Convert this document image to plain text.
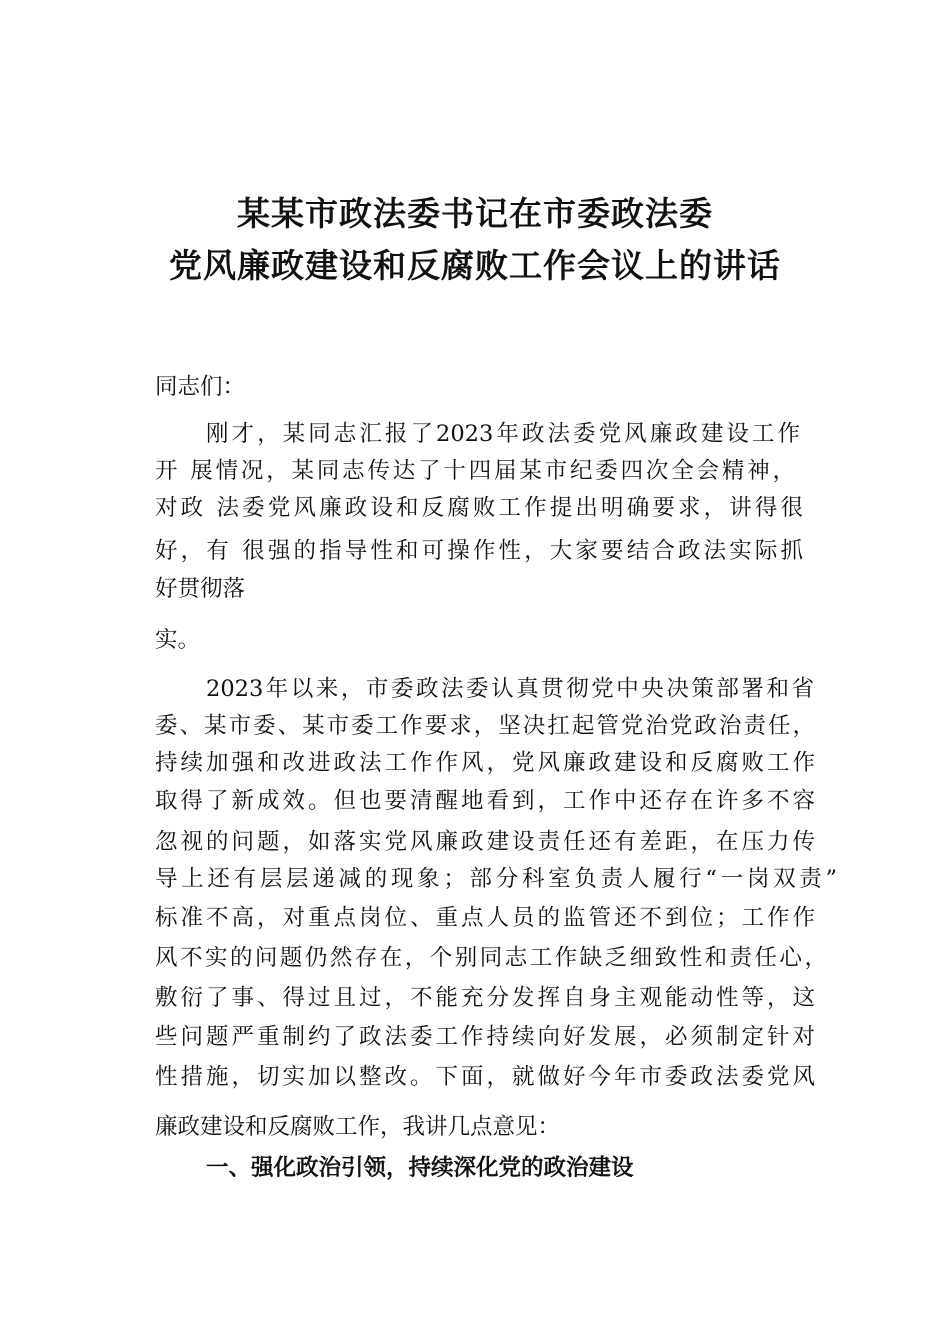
某某市政法委书记在市委政法委
党风廉政建设和反腐败工作会议上的讲话
同志们：
刚才，某同志汇报了2023年政法委党风廉政建设工作
开 展情况，某同志传达了十四届某市纪委四次全会精神，
对政 法委党风廉政设和反腐败工作提出明确要求，讲得很
好，有 很强的指导性和可操作性，大家要结合政法实际抓
好贯彻落
实。
2023年以来，市委政法委认真贯彻党中央决策部署和省
委、某市委、某市委工作要求，坚决扛起管党治党政治责任，
持续加强和改进政法工作作风，党风廉政建设和反腐败工作
取得了新成效。但也要清醒地看到，工作中还存在许多不容
忽视的问题，如落实党风廉政建设责任还有差距，在压力传
导上还有层层递减的现象；部分科室负责人履行“一岗双责”
标准不高，对重点岗位、重点人员的监管还不到位；工作作
风不实的问题仍然存在，个别同志工作缺乏细致性和责任心，
敷衍了事、得过且过，不能充分发挥自身主观能动性等，这
些问题严重制约了政法委工作持续向好发展，必须制定针对
性措施，切实加以整改。下面，就做好今年市委政法委党风
廉政建设和反腐败工作，我讲几点意见：
一、强化政治引领，持续深化党的政治建设
